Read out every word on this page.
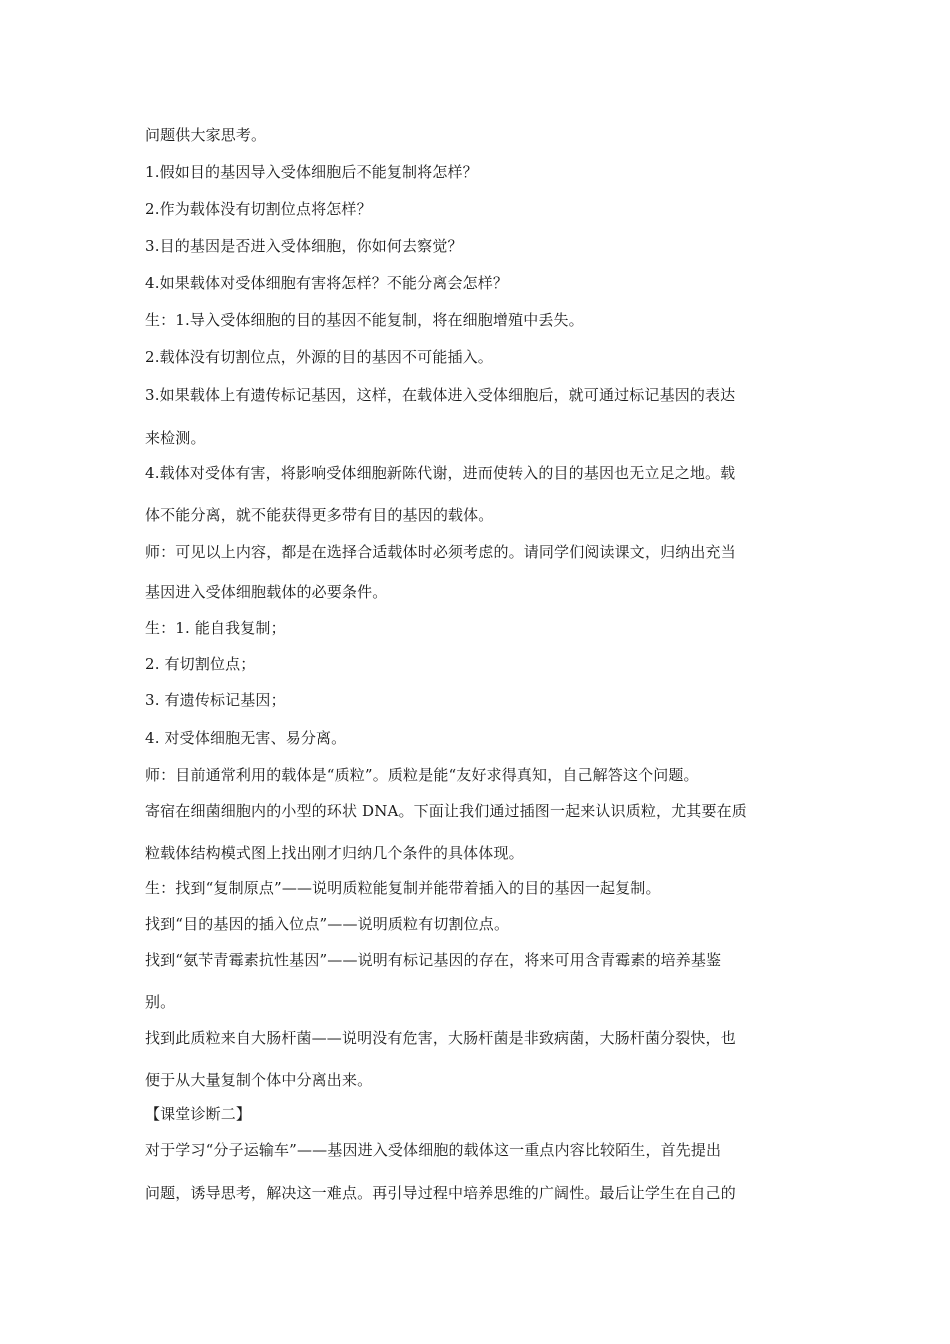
问题供大家思考。
1.假如目的基因导入受体细胞后不能复制将怎样？
2.作为载体没有切割位点将怎样？
3.目的基因是否进入受体细胞，你如何去察觉？
4.如果载体对受体细胞有害将怎样？不能分离会怎样？
生：1.导入受体细胞的目的基因不能复制，将在细胞增殖中丢失。
2.载体没有切割位点，外源的目的基因不可能插入。
3.如果载体上有遗传标记基因，这样，在载体进入受体细胞后，就可通过标记基因的表达
来检测。
4.载体对受体有害，将影响受体细胞新陈代谢，进而使转入的目的基因也无立足之地。载
体不能分离，就不能获得更多带有目的基因的载体。
师：可见以上内容，都是在选择合适载体时必须考虑的。请同学们阅读课文，归纳出充当
基因进入受体细胞载体的必要条件。
生：1. 能自我复制；
2. 有切割位点；
3. 有遗传标记基因；
4. 对受体细胞无害、易分离。
师：目前通常利用的载体是“质粒”。质粒是能“友好求得真知，自己解答这个问题。
寄宿在细菌细胞内的小型的环状 DNA。下面让我们通过插图一起来认识质粒，尤其要在质
粒载体结构模式图上找出刚才归纳几个条件的具体体现。
生：找到“复制原点”——说明质粒能复制并能带着插入的目的基因一起复制。
找到“目的基因的插入位点”——说明质粒有切割位点。
找到“氨苄青霉素抗性基因”——说明有标记基因的存在，将来可用含青霉素的培养基鉴
别。
找到此质粒来自大肠杆菌——说明没有危害，大肠杆菌是非致病菌，大肠杆菌分裂快，也
便于从大量复制个体中分离出来。
【课堂诊断二】
对于学习“分子运输车”——基因进入受体细胞的载体这一重点内容比较陌生，首先提出
问题，诱导思考，解决这一难点。再引导过程中培养思维的广阔性。最后让学生在自己的
